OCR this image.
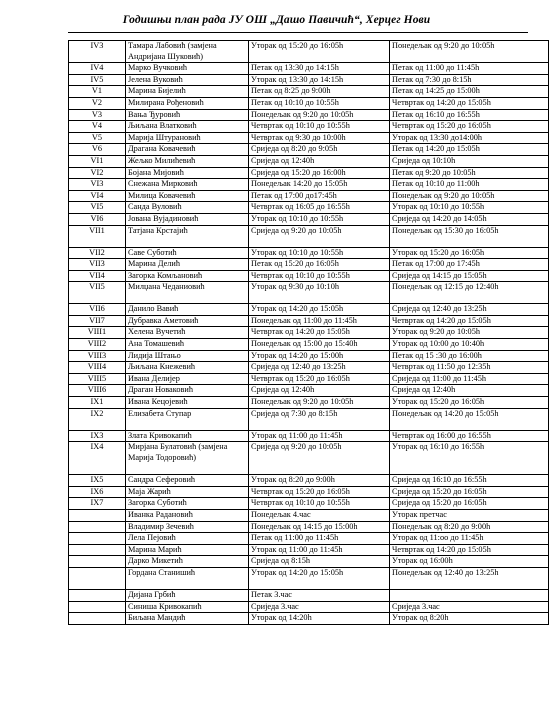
Годишњи план рада ЈУ ОШ „Дашо Павичић“, Херцег Нови
IV3	Тамара Лабовић (замјена Андријана Шуковић)	Уторак од 15:20 до 16:05h	Понедељак од 9:20 до 10:05h
IV4	Марко Вучковић	Петак од 13:30 до 14:15h	Петак од 11:00 до 11:45h
IV5	Јелена Вуковић	Уторак од 13:30 до 14:15h	Петак од 7:30 до 8:15h
V1	Марина Бијелић	Петак од 8:25 до 9:00h	Петак од 14:25 до 15:00h
V2	Милирана Рођеновић	Петак од 10:10 до 10:55h	Четвртак од 14:20 до 15:05h
V3	Вања Ђуровић	Понедељак од 9:20 до 10:05h	Петак од 16:10 до 16:55h
V4	Љиљана Влатковић	Четвртак од 10:10 до 10:55h	Четвртак од 15:20 до 16:05h
V5	Марија Штурановић	Четвртак од 9:30 до 10:00h	Уторак од 13:30 до14:00h
V6	Драгана Ковачевић	Сриједа од 8:20 до 9:05h	Петак од 14:20 до 15:05h
VI1	Жељко Милићевић	Сриједа од 12:40h	Сриједа од 10:10h
VI2	Бојана Мијовић	Сриједа од 15:20 до 16:00h	Петак од 9:20 до 10:05h
VI3	Снежана Мирковић	Понедељак 14:20 до 15:05h	Петак од 10:10 до 11:00h
VI4	Милица Ковачевић	Петак од 17:00 до17:45h	Понедељак од 9:20 до 10:05h
VI5	Санда Вуловић	Четвртак од 16:05 до 16:55h	Уторак од 10:10 до 10:55h
VI6	Јована Вујадиновић	Уторак од 10:10 до 10:55h	Сриједа од 14:20 до 14:05h
VII1	Татјана Крстајић	Сриједа од 9:20 до 10:05h	Понедељак од 15:30 до 16:05h
VII2	Саве Суботић	Уторак од 10:10 до 10:55h	Уторак од 15:20 до 16:05h
VII3	Марина Делић	Петак од 15:20 до 16:05h	Петак од 17:00 до 17:45h
VII4	Загорка Комљановић	Четвртак од 10:10 до 10:55h	Сриједа од 14:15 до 15:05h
VII5	Милџана Чеданиовић	Уторак од 9:30 до 10:10h	Понедељак од 12:15 до 12:40h
VII6	Данило Вавић	Уторак од 14:20 до 15:05h	Сриједа од 12:40 до 13:25h
VII7	Дубравка Аметовић	Понедељак од 11:00 до 11:45h	Четвртак од 14:20 до 15:05h
VIII1	Хелена Вучетић	Четвртак од 14:20 до 15:05h	Уторак од 9:20 до 10:05h
VIII2	Ана Томашевић	Понедељак од 15:00 до 15:40h	Уторак од 10:00 до 10:40h
VIII3	Лидија Штањо	Уторак од 14:20 до 15:00h	Петак од 15 :30 до 16:00h
VIII4	Љиљана Кнежевић	Сриједа од 12:40 до 13:25h	Четвртак од 11:50 до 12:35h
VIII5	Ивана Делијер	Четвртак од 15:20 до 16:05h	Сриједа од 11:00 до 11:45h
VIII6	Драган Новаковић	Сриједа од 12:40h	Сриједа од 12:40h
IX1	Ивана Кецојевић	Понедељак од 9:20 до 10:05h	Уторак од 15:20 до 16:05h
IX2	Елизабета Ступар	Сриједа од 7:30 до 8:15h	Понедељак од 14:20 до 15:05h
IX3	Злата Кривокапић	Уторак од 11:00 до 11:45h	Четвртак од 16:00 до 16:55h
IX4	Мирјана Булатовић (замјена Марија Тодоровић)	Сриједа од 9:20 до 10:05h	Уторак од 16:10 до 16:55h
IX5	Сандра Сеферовић	Уторак од 8:20 до 9:00h	Сриједа од 16:10 до 16:55h
IX6	Маја Жарић	Четвртак од 15:20 до 16:05h	Сриједа од 15:20 до 16:05h
IX7	Загорка Суботић	Четвртак од 10:10 до 10:55h	Сриједа од 15:20 до 16:05h
	Иванка Радановић	Понедељак 4.час	Уторак претчас
	Владимир Зечевић	Понедељак од 14:15 до 15:00h	Понедељак од 8:20 до 9:00h
	Лела Пејовић	Петак од 11:00 до 11:45h	Уторак од 11:оо до 11:45h
	Марина Марић	Уторак од 11:00 до 11:45h	Четвртак од 14:20 до 15:05h
	Дарко Микетић	Сриједа од 8:15h	Уторак од 16:00h
	Гордана Станишић	Уторак од 14:20 до 15:05h	Понедељак од 12:40 до 13:25h
	Дијана Грбић	Петак 3.час	
	Синиша Кривокапић	Сриједа 3.час	Сриједа 3.час
	Биљана Мандић	Уторак од 14:20h	Уторак од 8:20h
